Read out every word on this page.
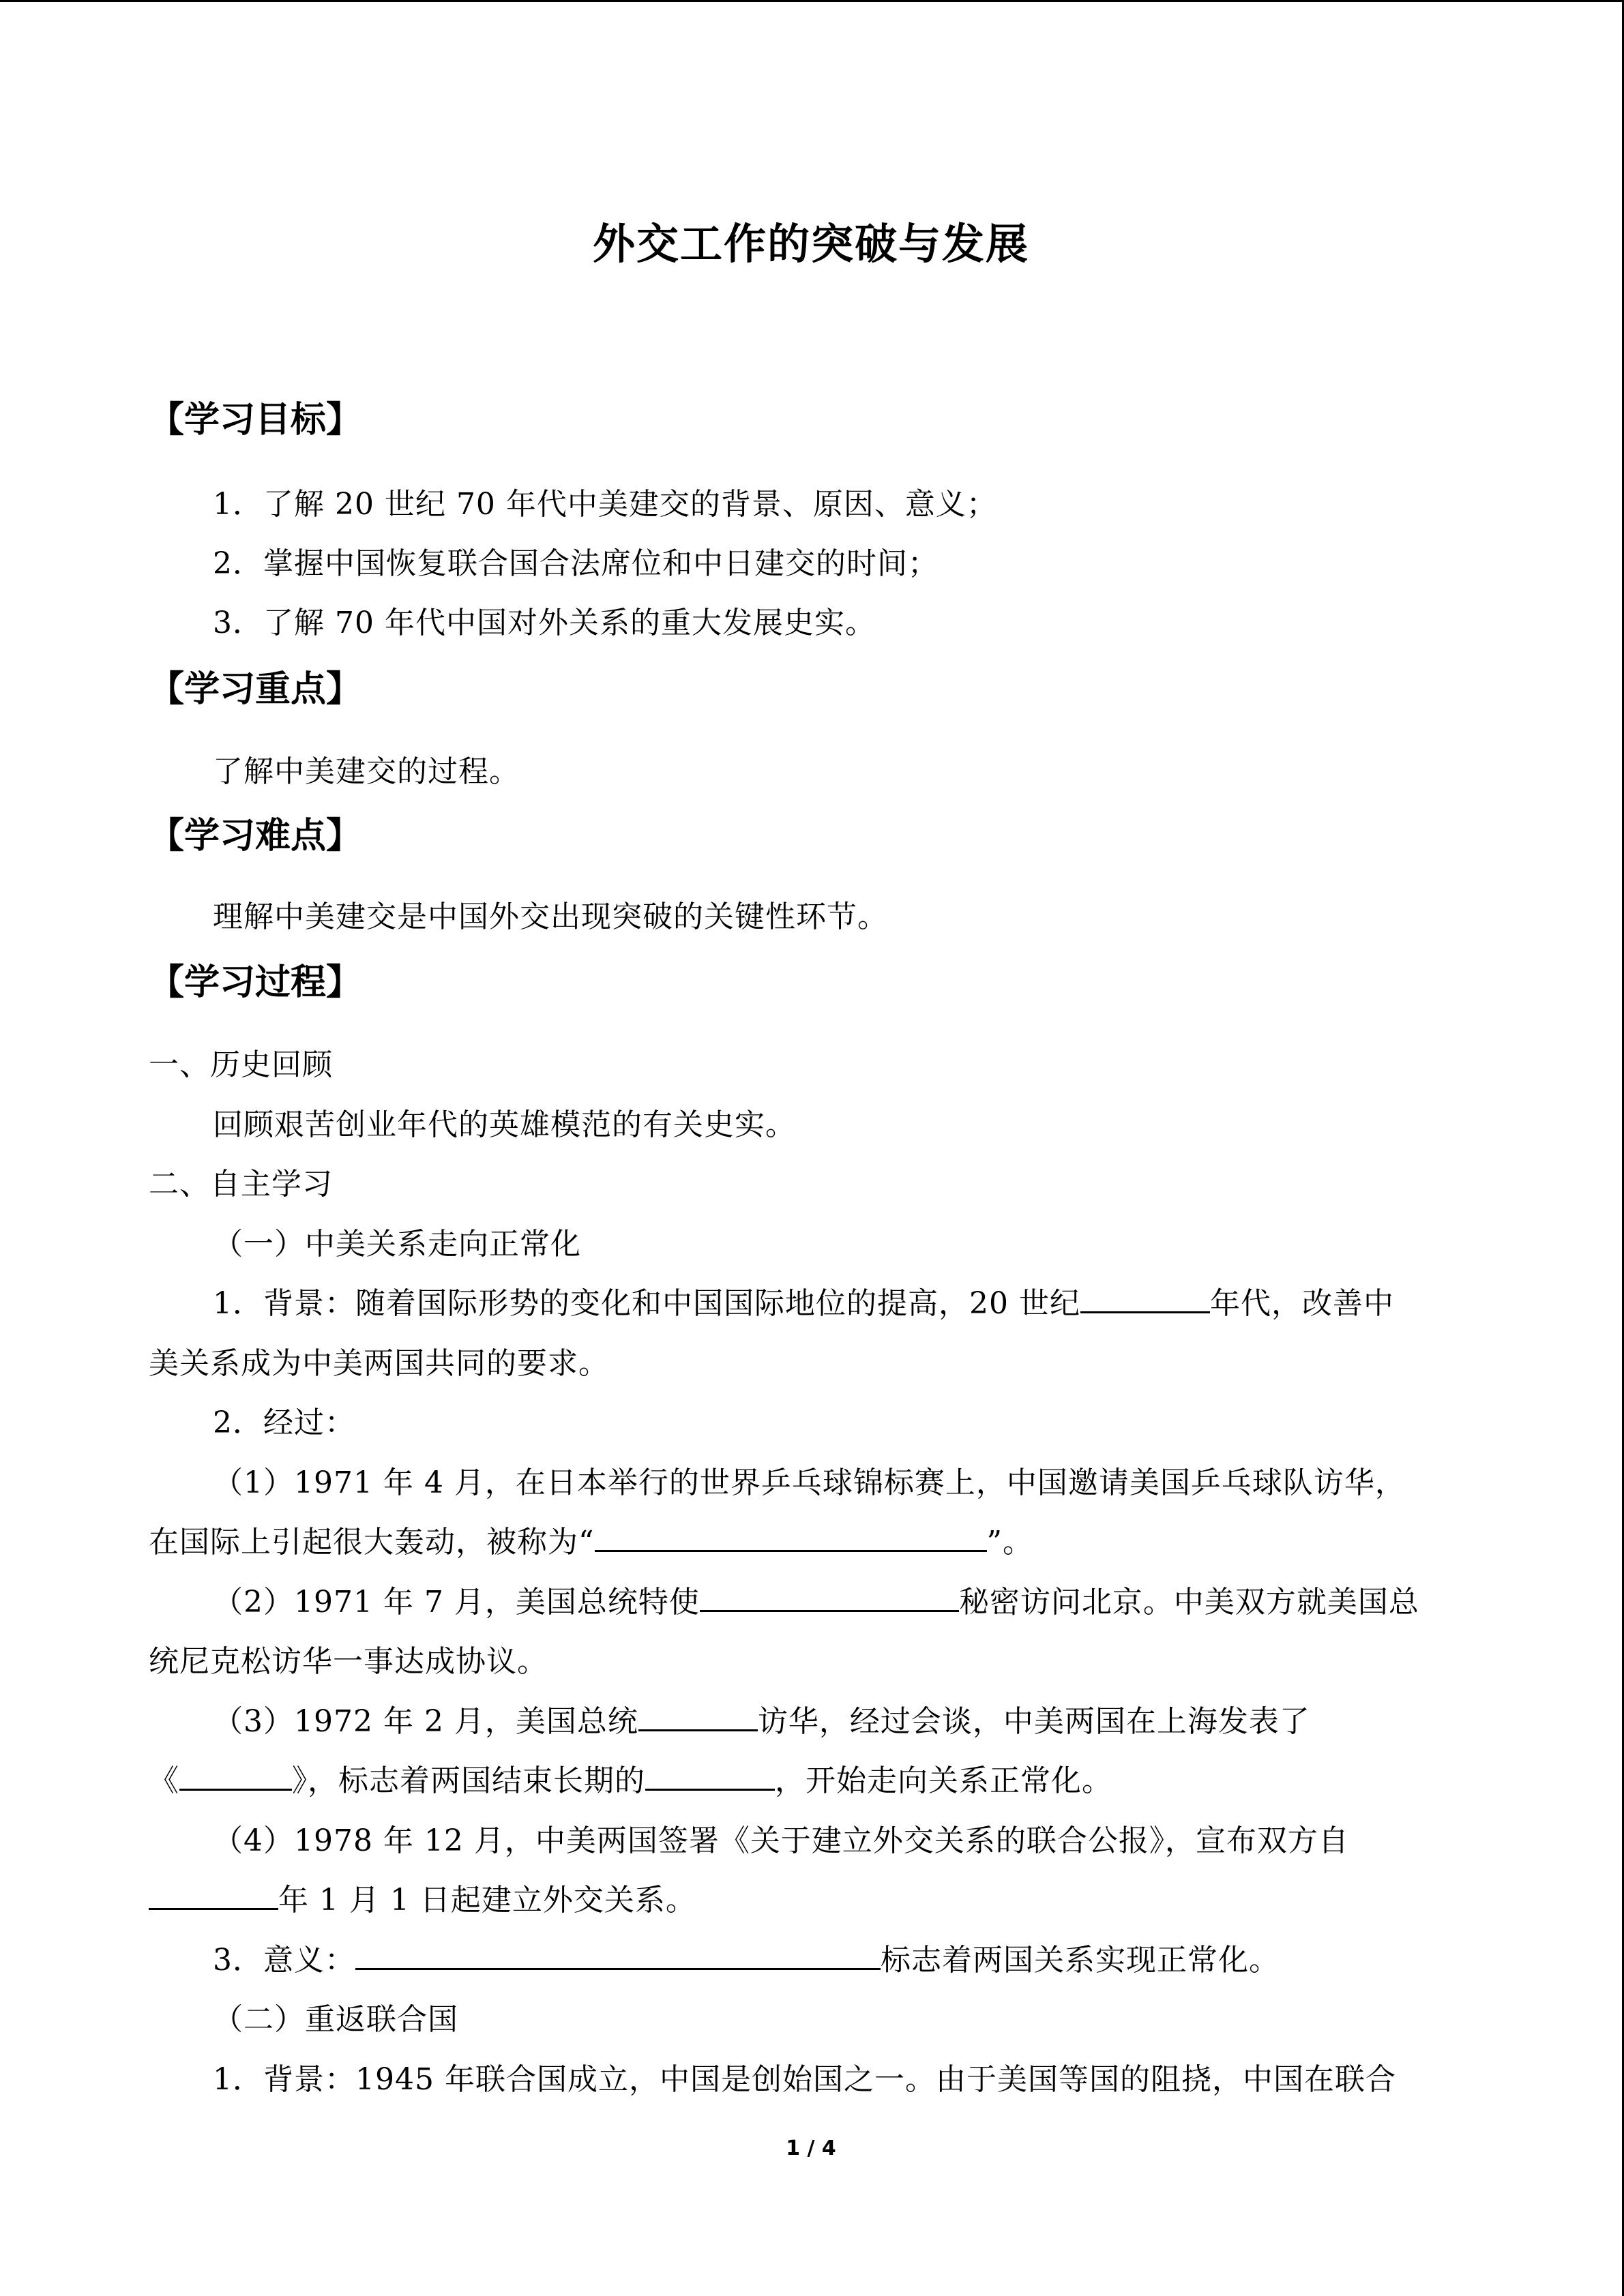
外交工作的突破与发展
【学习目标】
1．了解 20 世纪 70 年代中美建交的背景、原因、意义；
2．掌握中国恢复联合国合法席位和中日建交的时间；
3．了解 70 年代中国对外关系的重大发展史实。
【学习重点】
了解中美建交的过程。
【学习难点】
理解中美建交是中国外交出现突破的关键性环节。
【学习过程】
一、历史回顾
回顾艰苦创业年代的英雄模范的有关史实。
二、自主学习
（一）中美关系走向正常化
1．背景：随着国际形势的变化和中国国际地位的提高，20 世纪	年代，改善中
美关系成为中美两国共同的要求。
2．经过：
（1）1971 年 4 月，在日本举行的世界乒乓球锦标赛上，中国邀请美国乒乓球队访华，
在国际上引起很大轰动，被称为“	”。
（2）1971 年 7 月，美国总统特使	秘密访问北京。中美双方就美国总
统尼克松访华一事达成协议。
（3）1972 年 2 月，美国总统	访华，经过会谈，中美两国在上海发表了
《	》，标志着两国结束长期的	，开始走向关系正常化。
（4）1978 年 12 月，中美两国签署《关于建立外交关系的联合公报》，宣布双方自
年 1 月 1 日起建立外交关系。
3．意义：	标志着两国关系实现正常化。
（二）重返联合国
1．背景：1945 年联合国成立，中国是创始国之一。由于美国等国的阻挠，中国在联合
1 / 4
